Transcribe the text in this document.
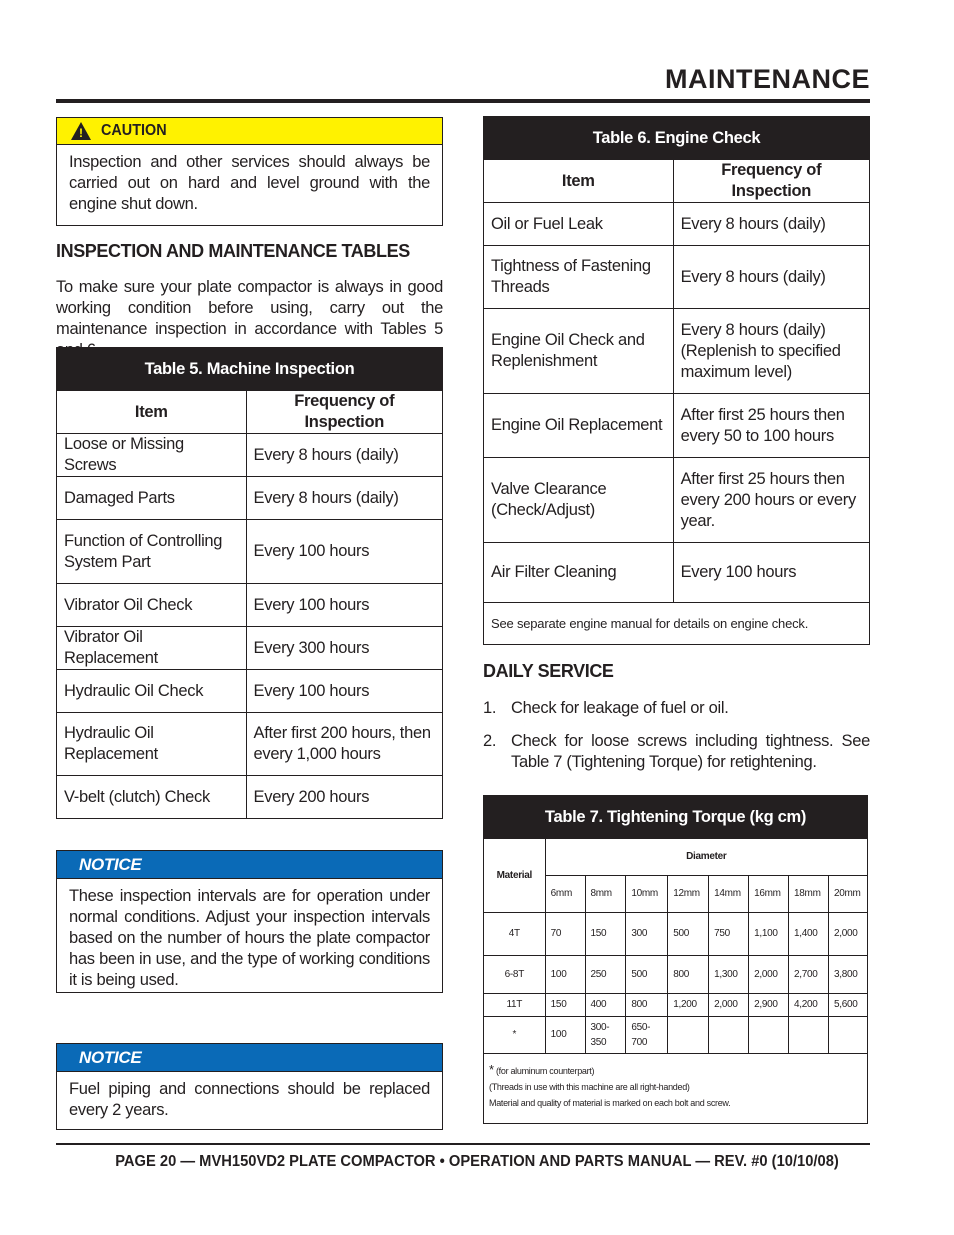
MAINTENANCE
! CAUTION
Inspection and other services should always be carried out on hard and level ground with the engine shut down.
INSPECTION AND MAINTENANCE TABLES
To make sure your plate compactor is always in good working condition before using, carry out the maintenance inspection in accordance with Tables 5
Table 5. Machine Inspection	
Item	Frequency of Inspection
Loose or Missing Screws	Every 8 hours (daily)
Damaged Parts	Every 8 hours (daily)
Function of Controlling System Part	Every 100 hours
Vibrator Oil Check	Every 100 hours
Vibrator Oil Replacement	Every 300 hours
Hydraulic Oil Check	Every 100 hours
Hydraulic Oil Replacement	After first 200 hours, then every 1,000 hours
V-belt (clutch) Check	Every 200 hours
NOTICE
These inspection intervals are for operation under normal conditions. Adjust your inspection intervals based on the number of hours the plate compactor has been in use, and the type of working conditions it is being used.
NOTICE
Fuel piping and connections should be replaced every 2 years.
Table 6. Engine Check	
Item	Frequency of Inspection
Oil or Fuel Leak	Every 8 hours (daily)
Tightness of Fastening Threads	Every 8 hours (daily)
Engine Oil Check and Replenishment	Every 8 hours (daily) (Replenish to specified maximum level)
Engine Oil Replacement	After first 25 hours then every 50 to 100 hours
Valve Clearance (Check/Adjust)	After first 25 hours then every 200 hours or every year.
Air Filter Cleaning	Every 100 hours
See separate engine manual for details on engine check.	
DAILY SERVICE
1. Check for leakage of fuel or oil.
2. Check for loose screws including tightness. See Table 7 (Tightening Torque) for retightening.
Table 7. Tightening Torque (kg cm)								
Material	Diameter							
	6mm	8mm	10mm	12mm	14mm	16mm	18mm	20mm
4T	70	150	300	500	750	1,100	1,400	2,000
6-8T	100	250	500	800	1,300	2,000	2,700	3,800
11T	150	400	800	1,200	2,000	2,900	4,200	5,600
*	100	300-350	650-700					

* (for aluminum counterpart)
(Threads in use with this machine are all right-handed)
Material and quality of material is marked on each bolt and screw.								
PAGE 20 — MVH150VD2 PLATE COMPACTOR • OPERATION AND PARTS MANUAL — REV. #0 (10/10/08)
